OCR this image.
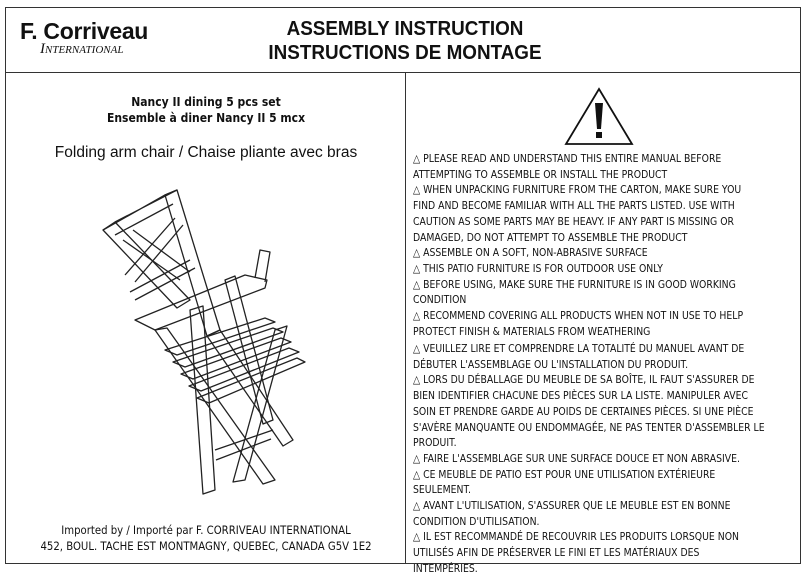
F. Corriveau
International
ASSEMBLY INSTRUCTION
INSTRUCTIONS DE MONTAGE
Nancy II dining 5 pcs set
Ensemble à diner Nancy II 5 mcx
Folding arm chair / Chaise pliante avec bras
Imported by / Importé par F. CORRIVEAU INTERNATIONAL
452, BOUL. TACHE EST MONTMAGNY, QUEBEC, CANADA G5V 1E2
△ PLEASE READ AND UNDERSTAND THIS ENTIRE MANUAL BEFORE
ATTEMPTING TO ASSEMBLE OR INSTALL THE PRODUCT
△ WHEN UNPACKING FURNITURE FROM THE CARTON, MAKE SURE YOU
FIND AND BECOME FAMILIAR WITH ALL THE PARTS LISTED. USE WITH
CAUTION AS SOME PARTS MAY BE HEAVY. IF ANY PART IS MISSING OR
DAMAGED, DO NOT ATTEMPT TO ASSEMBLE THE PRODUCT
△ ASSEMBLE ON A SOFT, NON-ABRASIVE SURFACE
△ THIS PATIO FURNITURE IS FOR OUTDOOR USE ONLY
△ BEFORE USING, MAKE SURE THE FURNITURE IS IN GOOD WORKING
CONDITION
△ RECOMMEND COVERING ALL PRODUCTS WHEN NOT IN USE TO HELP
PROTECT FINISH & MATERIALS FROM WEATHERING
△ VEUILLEZ LIRE ET COMPRENDRE LA TOTALITÉ DU MANUEL AVANT DE
DÉBUTER L'ASSEMBLAGE OU L'INSTALLATION DU PRODUIT.
△ LORS DU DÉBALLAGE DU MEUBLE DE SA BOÎTE, IL FAUT S'ASSURER DE
BIEN IDENTIFIER CHACUNE DES PIÈCES SUR LA LISTE. MANIPULER AVEC
SOIN ET PRENDRE GARDE AU POIDS DE CERTAINES PIÈCES. SI UNE PIÈCE
S'AVÈRE MANQUANTE OU ENDOMMAGÉE, NE PAS TENTER D'ASSEMBLER LE
PRODUIT.
△ FAIRE L'ASSEMBLAGE SUR UNE SURFACE DOUCE ET NON ABRASIVE.
△ CE MEUBLE DE PATIO EST POUR UNE UTILISATION EXTÉRIEURE
SEULEMENT.
△ AVANT L'UTILISATION, S'ASSURER QUE LE MEUBLE EST EN BONNE
CONDITION D'UTILISATION.
△ IL EST RECOMMANDÉ DE RECOUVRIR LES PRODUITS LORSQUE NON
UTILISÉS AFIN DE PRÉSERVER LE FINI ET LES MATÉRIAUX DES
INTEMPÉRIES.
